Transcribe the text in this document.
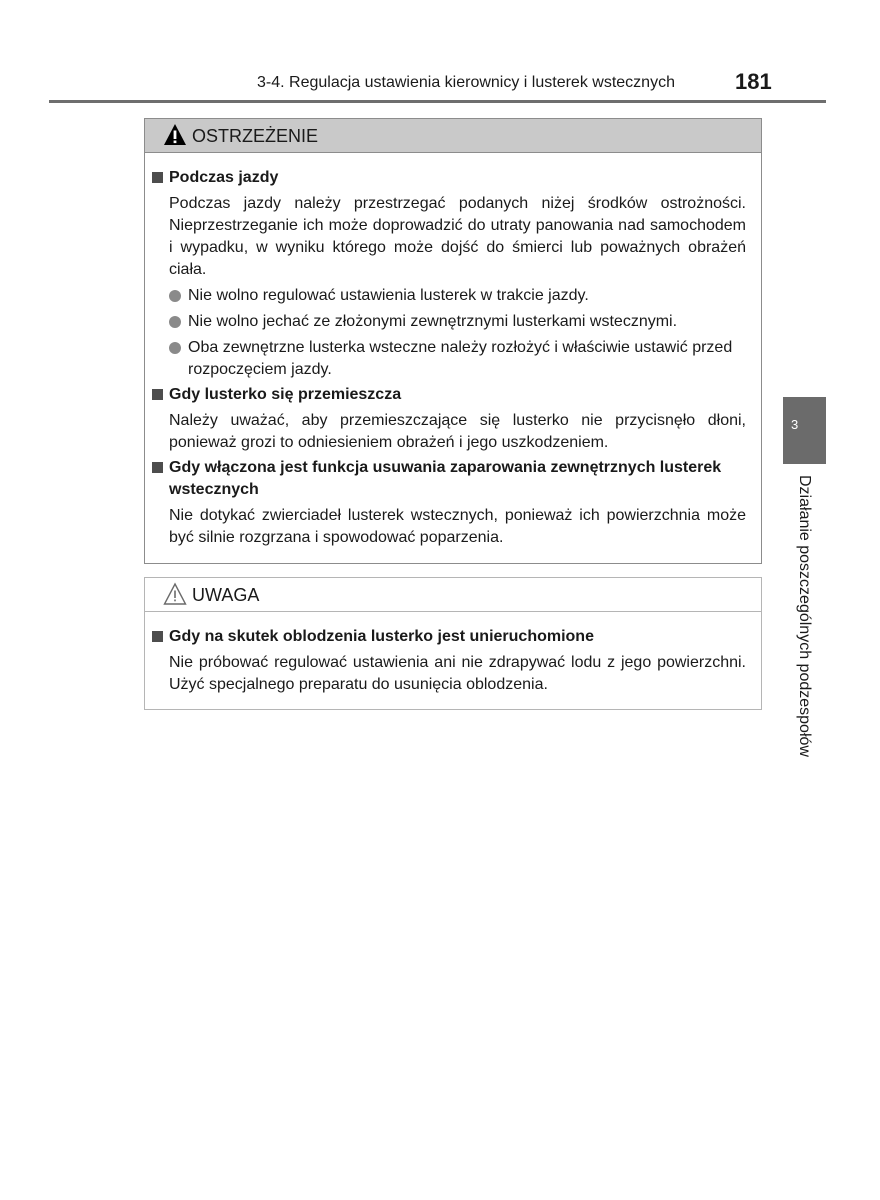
3-4. Regulacja ustawienia kierownicy i lusterek wstecznych	181
3
Działanie poszczególnych podzespołów
OSTRZEŻENIE
Podczas jazdy
Podczas jazdy należy przestrzegać podanych niżej środków ostrożności. Nieprzestrzeganie ich może doprowadzić do utraty panowania nad samochodem i wypadku, w wyniku którego może dojść do śmierci lub poważnych obrażeń ciała.
Nie wolno regulować ustawienia lusterek w trakcie jazdy.
Nie wolno jechać ze złożonymi zewnętrznymi lusterkami wstecznymi.
Oba zewnętrzne lusterka wsteczne należy rozłożyć i właściwie ustawić przed rozpoczęciem jazdy.
Gdy lusterko się przemieszcza
Należy uważać, aby przemieszczające się lusterko nie przycisnęło dłoni, ponieważ grozi to odniesieniem obrażeń i jego uszkodzeniem.
Gdy włączona jest funkcja usuwania zaparowania zewnętrznych lusterek wstecznych
Nie dotykać zwierciadeł lusterek wstecznych, ponieważ ich powierzchnia może być silnie rozgrzana i spowodować poparzenia.
UWAGA
Gdy na skutek oblodzenia lusterko jest unieruchomione
Nie próbować regulować ustawienia ani nie zdrapywać lodu z jego powierzchni. Użyć specjalnego preparatu do usunięcia oblodzenia.
